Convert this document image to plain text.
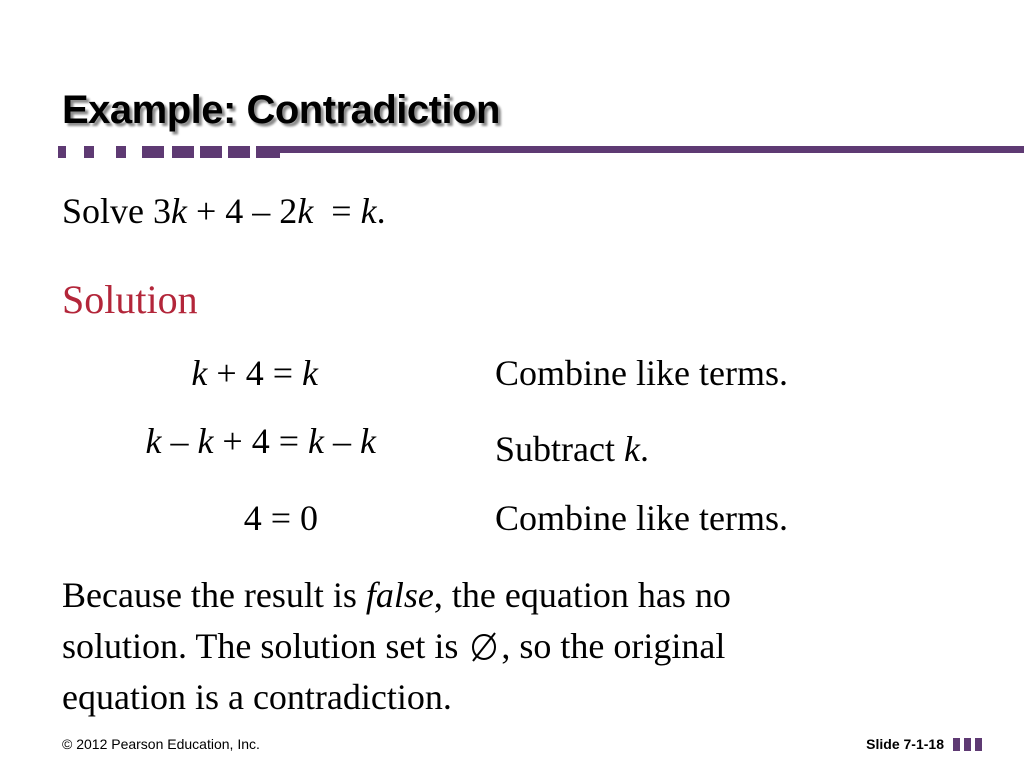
Example: Contradiction
Solve 3k + 4 – 2k  = k.
Solution
k + 4 = k	Combine like terms.
k – k + 4 = k – k	Subtract k.
4 = 0	Combine like terms.

Because the result is false, the equation has no

solution. The solution set is , so the original

equation is a contradiction.

© 2012 Pearson Education, Inc.	Slide 7-1-18
